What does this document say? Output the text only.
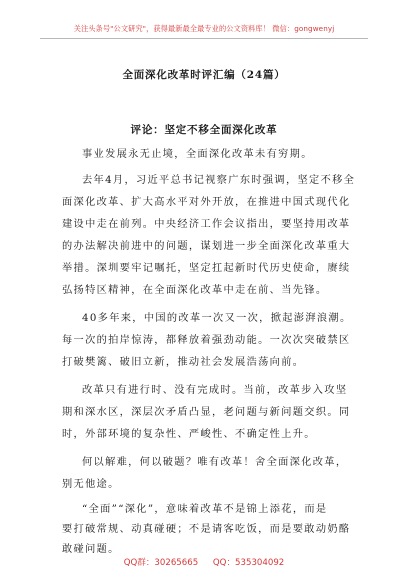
关注头条号"公文研究"，获得最新最全最专业的公文资料库！ 微信：gongwenyj
全面深化改革时评汇编（24篇）
评论：坚定不移全面深化改革
事业发展永无止境，全面深化改革未有穷期。
去年4月，习近平总书记视察广东时强调，坚定不移全
面深化改革、扩大高水平对外开放，在推进中国式现代化
建设中走在前列。中央经济工作会议指出，要坚持用改革
的办法解决前进中的问题，谋划进一步全面深化改革重大
举措。深圳要牢记嘱托，坚定扛起新时代历史使命，赓续
弘扬特区精神，在全面深化改革中走在前、当先锋。
40多年来，中国的改革一次又一次，掀起澎湃浪潮。
每一次的拍岸惊涛，都释放着强劲动能。一次次突破禁区
打破樊篱、破旧立新，推动社会发展浩荡向前。
改革只有进行时、没有完成时。当前，改革步入攻坚
期和深水区，深层次矛盾凸显，老问题与新问题交织。同
时，外部环境的复杂性、严峻性、不确定性上升。
何以解难，何以破题？唯有改革！舍全面深化改革，
别无他途。
“全面”“深化”，意味着改革不是锦上添花，而是
要打破常规、动真碰硬；不是请客吃饭，而是要敢动奶酪
敢碰问题。
QQ群：30265665 QQ：535304092
